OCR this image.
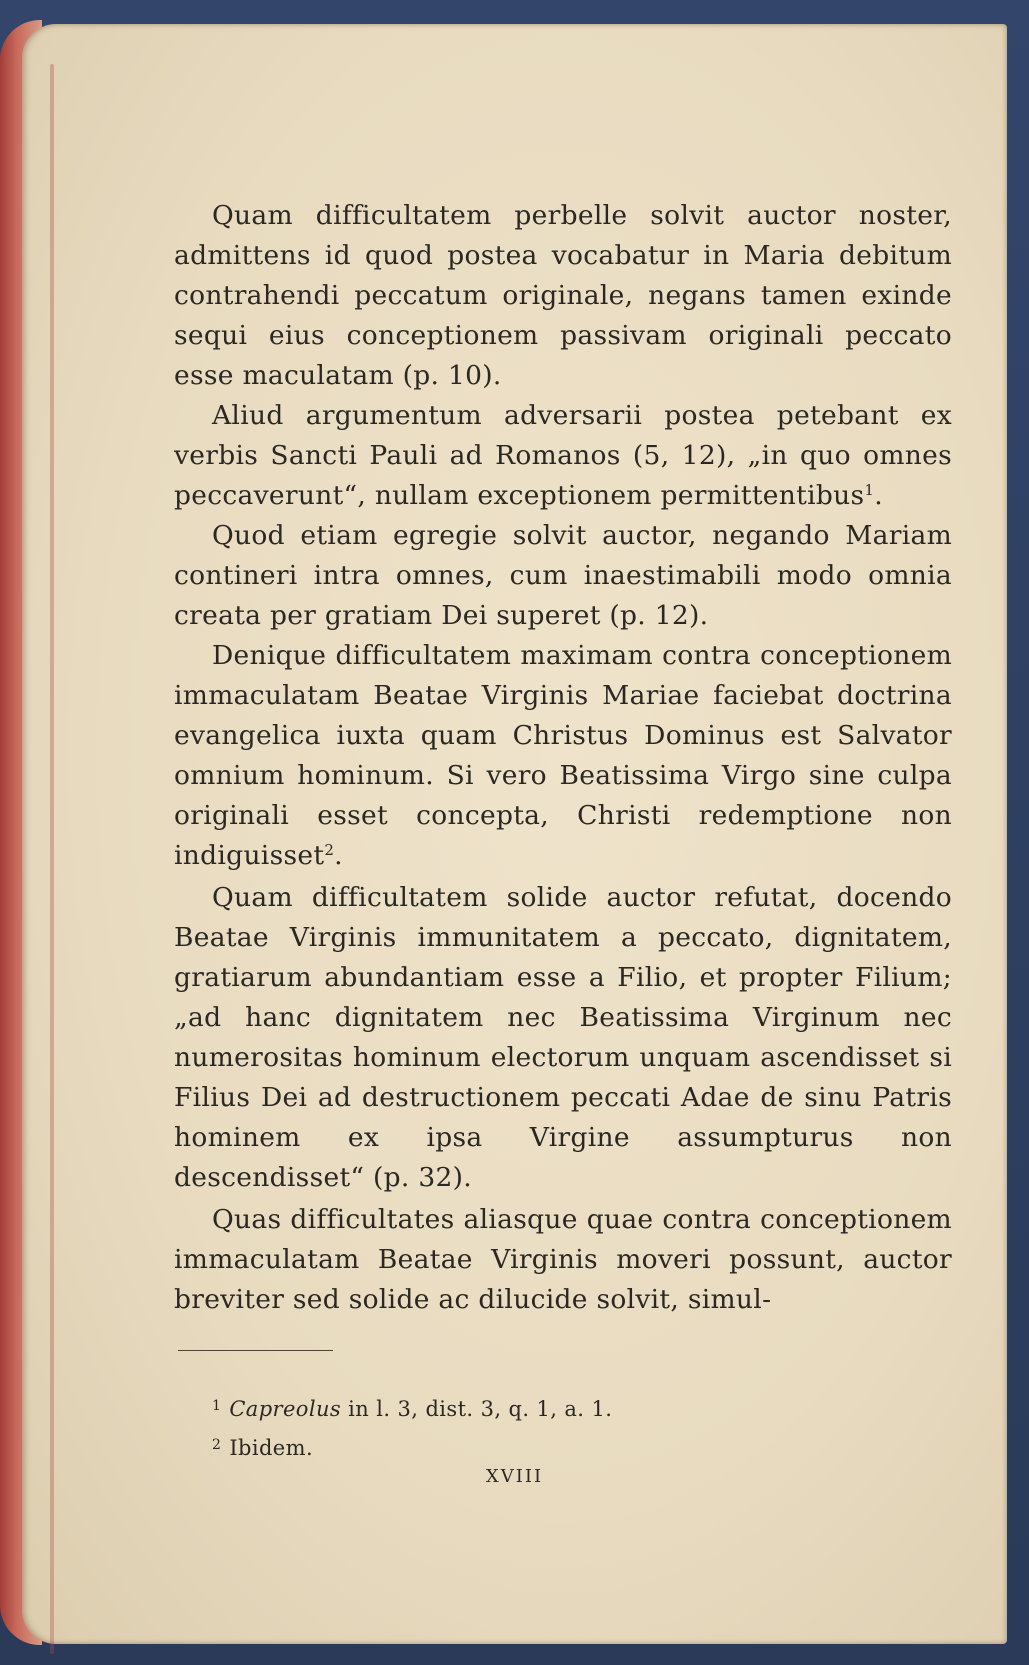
Quam difficultatem perbelle solvit auctor noster, admittens id quod postea vocabatur in Maria debitum contrahendi peccatum originale, negans tamen exinde sequi eius conceptionem passivam originali peccato esse maculatam (p. 10).

Aliud argumentum adversarii postea petebant ex verbis Sancti Pauli ad Romanos (5, 12), „in quo omnes peccaverunt“, nullam exceptionem permittentibus$^1$.

Quod etiam egregie solvit auctor, negando Mariam contineri intra omnes, cum inaestimabili modo omnia creata per gratiam Dei superet (p. 12).

Denique difficultatem maximam contra conceptionem immaculatam Beatae Virginis Mariae faciebat doctrina evangelica iuxta quam Christus Dominus est Salvator omnium hominum. Si vero Beatissima Virgo sine culpa originali esset concepta, Christi redemptione non indiguisset$^2$.

Quam difficultatem solide auctor refutat, docendo Beatae Virginis immunitatem a peccato, dignitatem, gratiarum abundantiam esse a Filio, et propter Filium; „ad hanc dignitatem nec Beatissima Virginum nec numerositas hominum electorum unquam ascendisset si Filius Dei ad destructionem peccati Adae de sinu Patris hominem ex ipsa Virgine assumpturus non descendisset“ (p. 32).

Quas difficultates aliasque quae contra conceptionem immaculatam Beatae Virginis moveri possunt, auctor breviter sed solide ac dilucide solvit, simul-

$^1$ Capreolus in l. 3, dist. 3, q. 1, a. 1.
$^2$ Ibidem.
XVIII
